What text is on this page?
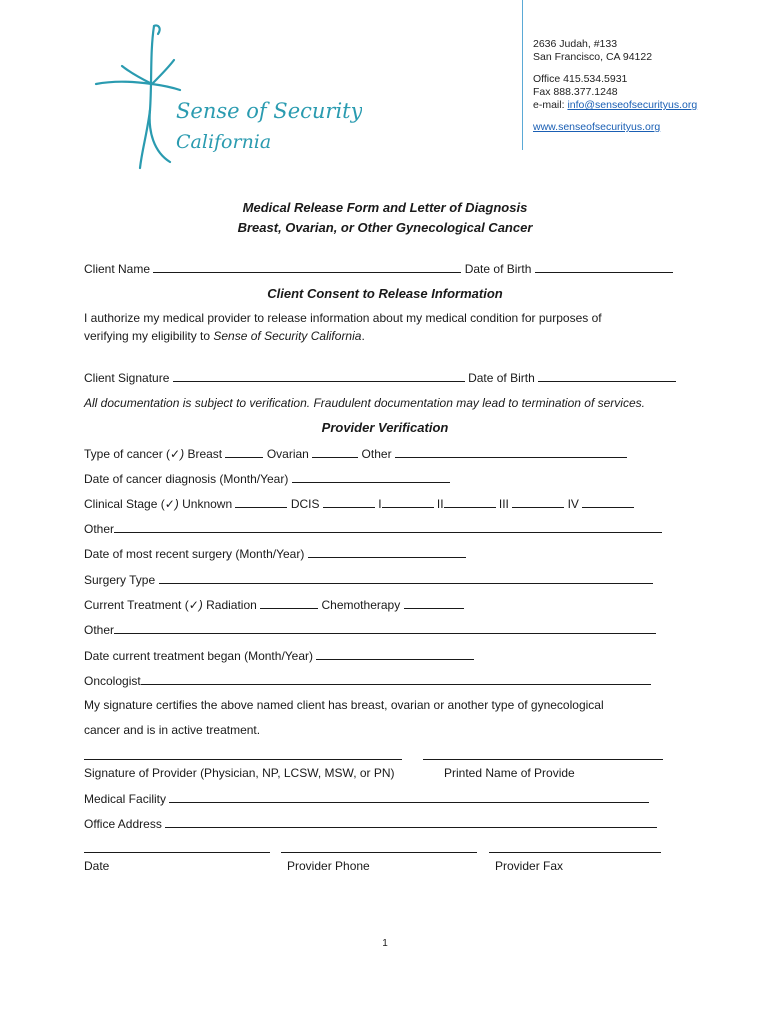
Sense of Security
California
2636 Judah, #133
San Francisco, CA 94122
Office 415.534.5931
Fax 888.377.1248
e-mail: info@senseofsecurityus.org
www.senseofsecurityus.org
Medical Release Form and Letter of Diagnosis
Breast, Ovarian, or Other Gynecological Cancer
Client Name	Date of Birth
Client Consent to Release Information
I authorize my medical provider to release information about my medical condition for purposes of
verifying my eligibility to Sense of Security California.
Client Signature	Date of Birth
All documentation is subject to verification. Fraudulent documentation may lead to termination of services.
Provider Verification
Type of cancer (✓) Breast	Ovarian	Other
Date of cancer diagnosis (Month/Year)
Clinical Stage (✓) Unknown	DCIS	I	II	III	IV
Other
Date of most recent surgery (Month/Year)
Surgery Type
Current Treatment (✓) Radiation	Chemotherapy
Other
Date current treatment began (Month/Year)
Oncologist
My signature certifies the above named client has breast, ovarian or another type of gynecological
cancer and is in active treatment.

Signature of Provider (Physician, NP, LCSW, MSW, or PN)	Printed Name of Provide
Medical Facility
Office Address

Date	Provider Phone	Provider Fax
1
